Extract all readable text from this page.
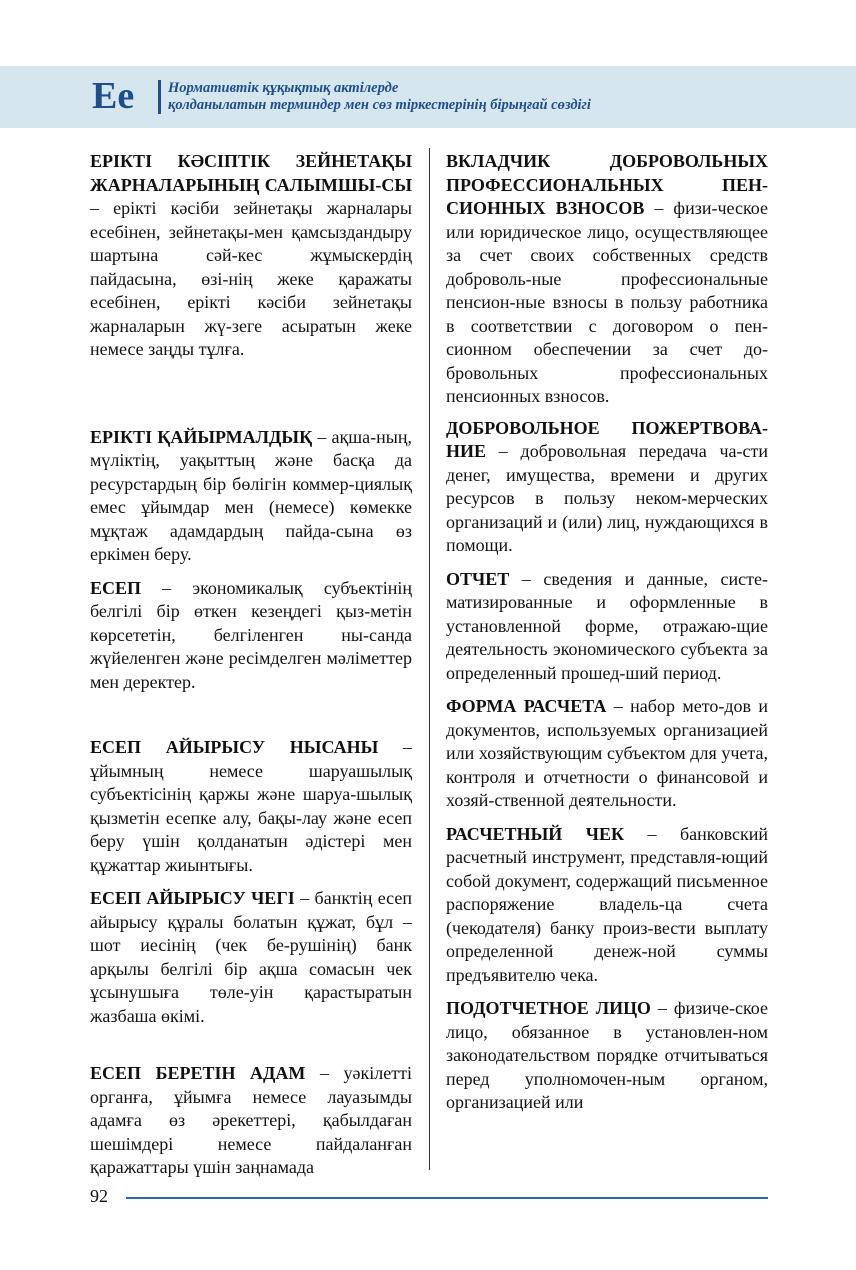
Ee Нормативтік құқықтық актілерде
қолданылатын терминдер мен сөз тіркестерінің бірыңғай сөздігі

ЕРІКТІ КӘСІПТІК ЗЕЙНЕТАҚЫ ЖАРНАЛАРЫНЫҢ САЛЫМШЫ-СЫ – ерікті кәсіби зейнетақы жарналары есебінен, зейнетақы-мен қамсыздандыру шартына сәй-кес жұмыскердің пайдасына, өзі-нің жеке қаражаты есебінен, ерікті кәсіби зейнетақы жарналарын жү-зеге асыратын жеке немесе заңды тұлға.

ЕРІКТІ ҚАЙЫРМАЛДЫҚ – ақша-ның, мүліктің, уақыттың және басқа да ресурстардың бір бөлігін коммер-циялық емес ұйымдар мен (немесе) көмекке мұқтаж адамдардың пайда-сына өз еркімен беру.

ЕСЕП – экономикалық субъектінің белгілі бір өткен кезеңдегі қыз-метін көрсететін, белгіленген ны-санда жүйеленген және ресімделген мәліметтер мен деректер.

ЕСЕП АЙЫРЫСУ НЫСАНЫ – ұйымның немесе шаруашылық субъектісінің қаржы және шаруа-шылық қызметін есепке алу, бақы-лау және есеп беру үшін қолданатын әдістері мен құжаттар жиынтығы.

ЕСЕП АЙЫРЫСУ ЧЕГІ – банктің есеп айырысу құралы болатын құжат, бұл – шот иесінің (чек бе-рушінің) банк арқылы белгілі бір ақша сомасын чек ұсынушыға төле-уін қарастыратын жазбаша өкімі.

ЕСЕП БЕРЕТІН АДАМ – уәкілетті органға, ұйымға немесе лауазымды адамға өз әрекеттері, қабылдаған шешімдері немесе пайдаланған қаражаттары үшін заңнамада

ВКЛАДЧИК ДОБРОВОЛЬНЫХ ПРОФЕССИОНАЛЬНЫХ ПЕН-СИОННЫХ ВЗНОСОВ – физи-ческое или юридическое лицо, осуществляющее за счет своих собственных средств доброволь-ные профессиональные пенсион-ные взносы в пользу работника в соответствии с договором о пен-сионном обеспечении за счет до-бровольных профессиональных пенсионных взносов.

ДОБРОВОЛЬНОЕ ПОЖЕРТВОВА-НИЕ – добровольная передача ча-сти денег, имущества, времени и других ресурсов в пользу неком-мерческих организаций и (или) лиц, нуждающихся в помощи.

ОТЧЕТ – сведения и данные, систе-матизированные и оформленные в установленной форме, отражаю-щие деятельность экономического субъекта за определенный прошед-ший период.

ФОРМА РАСЧЕТА – набор мето-дов и документов, используемых организацией или хозяйствующим субъектом для учета, контроля и отчетности о финансовой и хозяй-ственной деятельности.

РАСЧЕТНЫЙ ЧЕК – банковский расчетный инструмент, представля-ющий собой документ, содержащий письменное распоряжение владель-ца счета (чекодателя) банку произ-вести выплату определенной денеж-ной суммы предъявителю чека.

ПОДОТЧЕТНОЕ ЛИЦО – физиче-ское лицо, обязанное в установлен-ном законодательством порядке отчитываться перед уполномочен-ным органом, организацией или

92
